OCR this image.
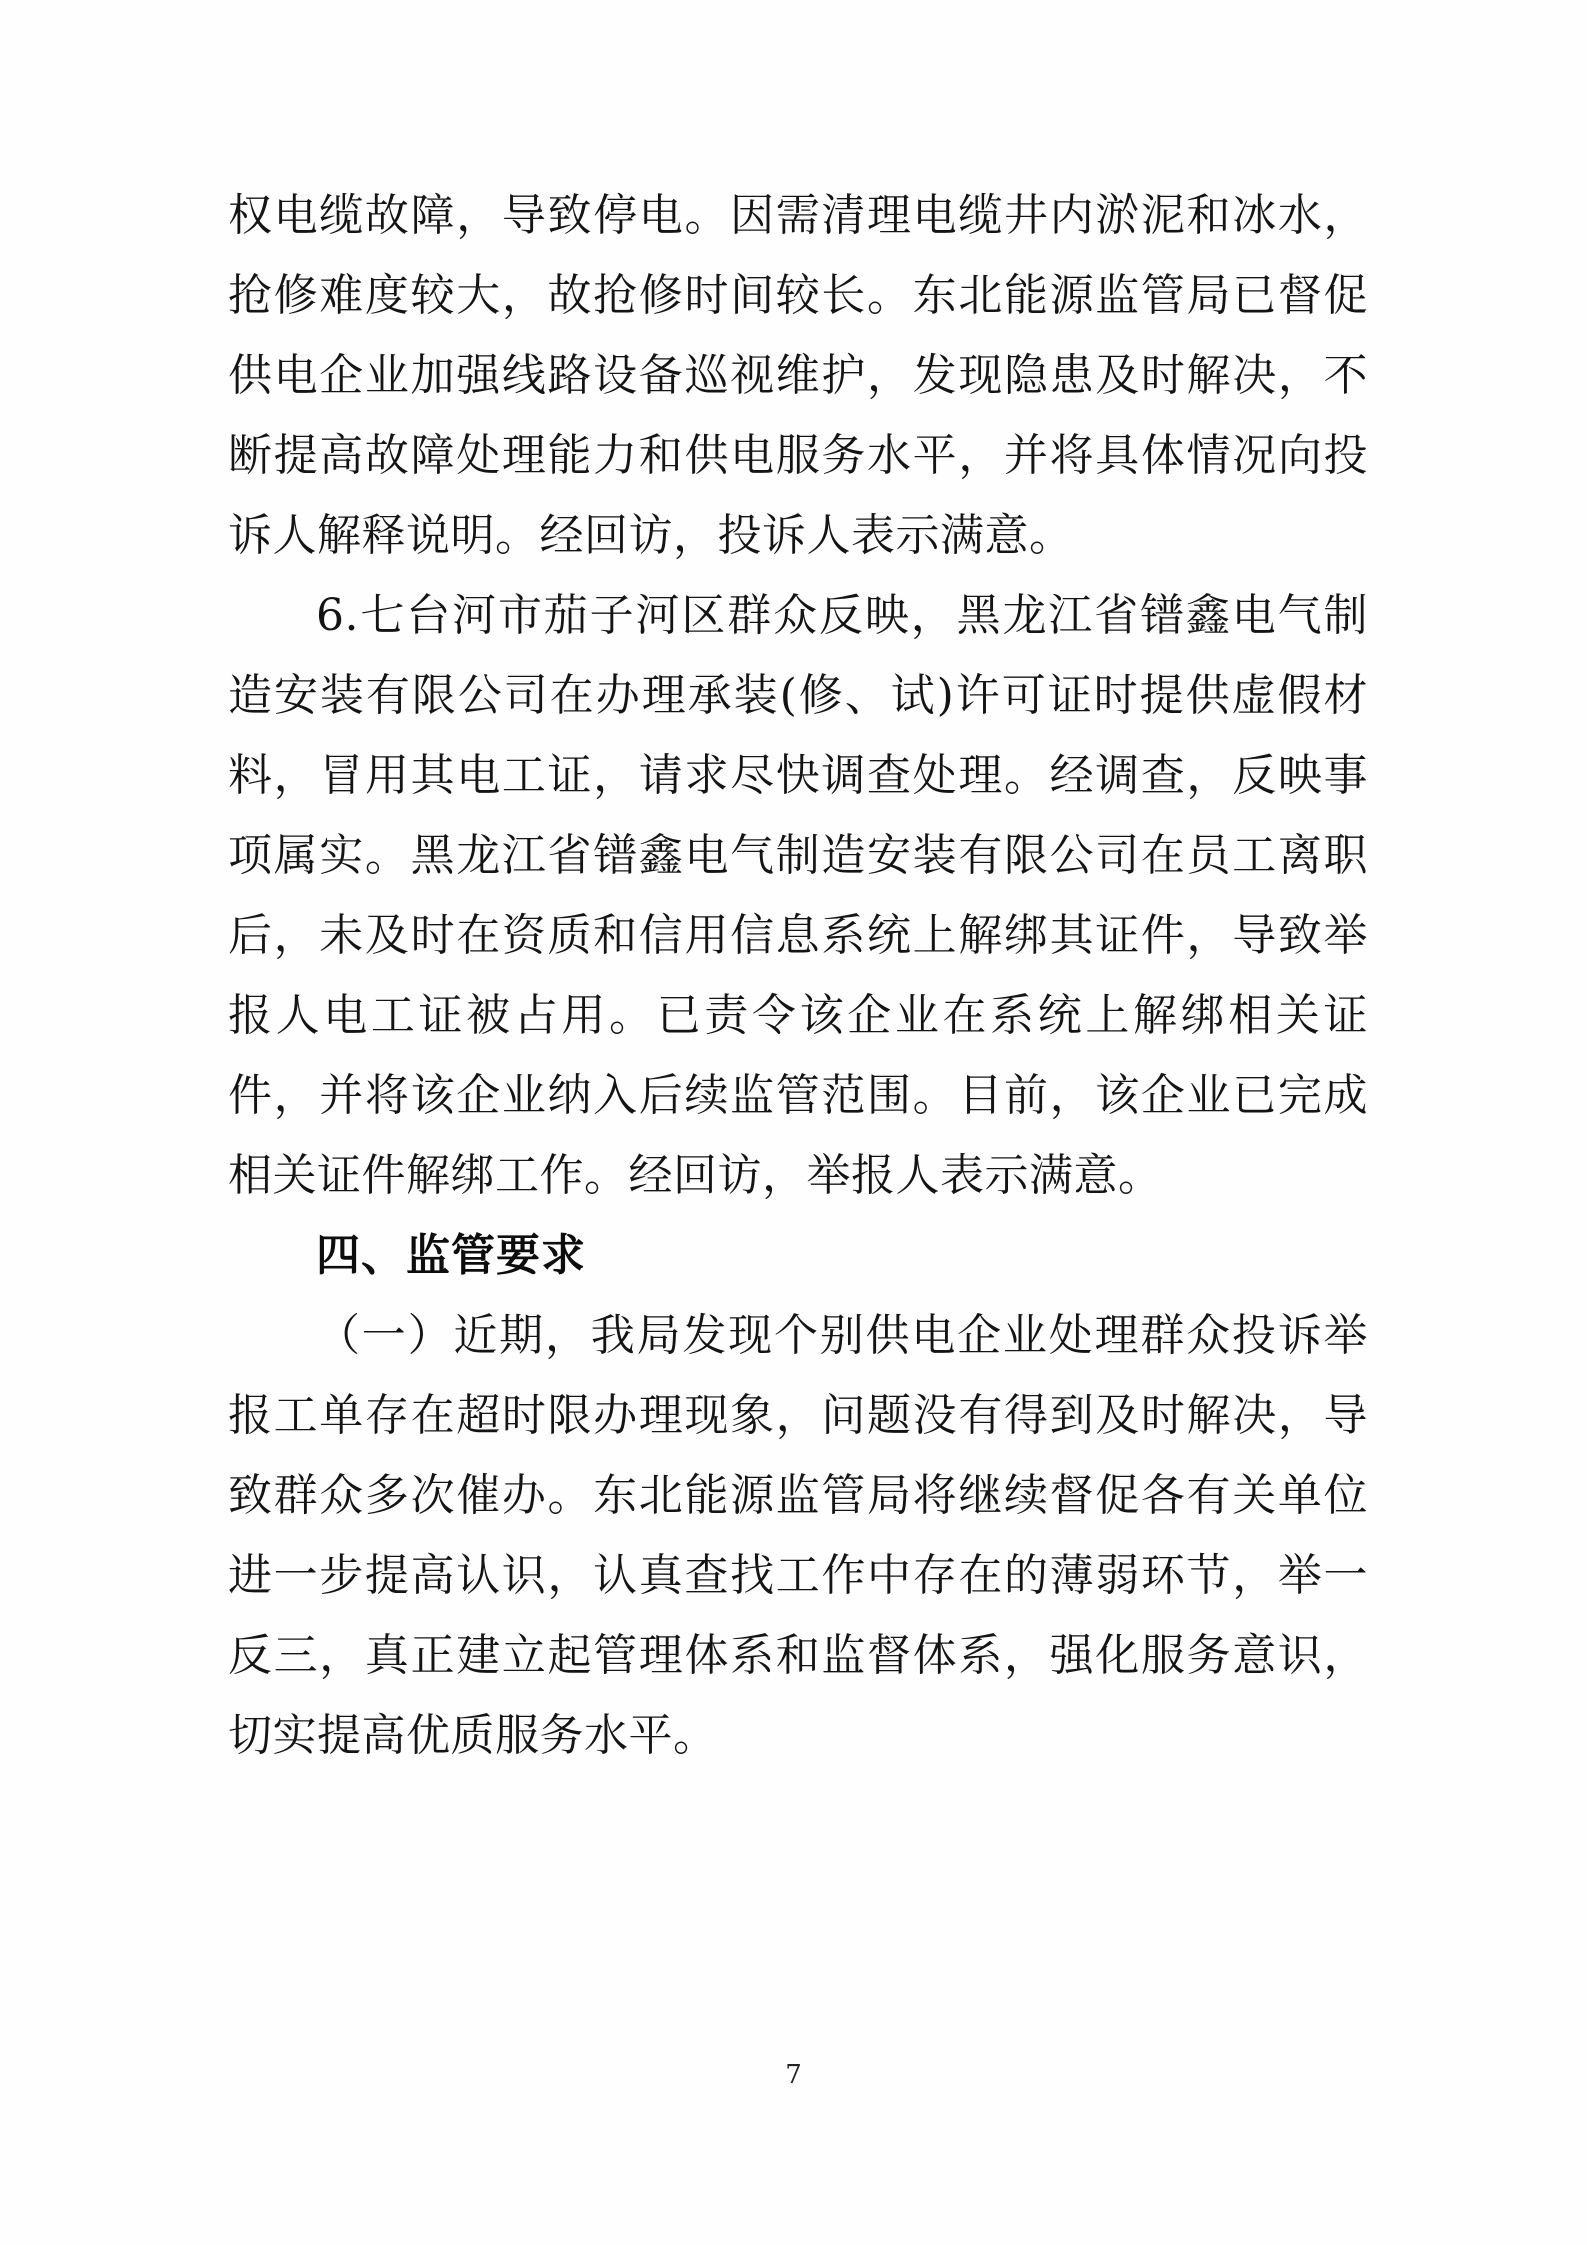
权电缆故障，导致停电。因需清理电缆井内淤泥和冰水，抢修难度较大，故抢修时间较长。东北能源监管局已督促供电企业加强线路设备巡视维护，发现隐患及时解决，不断提高故障处理能力和供电服务水平，并将具体情况向投诉人解释说明。经回访，投诉人表示满意。

6.七台河市茄子河区群众反映，黑龙江省镨鑫电气制造安装有限公司在办理承装(修、试)许可证时提供虚假材料，冒用其电工证，请求尽快调查处理。经调查，反映事项属实。黑龙江省镨鑫电气制造安装有限公司在员工离职后，未及时在资质和信用信息系统上解绑其证件，导致举报人电工证被占用。已责令该企业在系统上解绑相关证件，并将该企业纳入后续监管范围。目前，该企业已完成相关证件解绑工作。经回访，举报人表示满意。

四、监管要求

（一）近期，我局发现个别供电企业处理群众投诉举报工单存在超时限办理现象，问题没有得到及时解决，导致群众多次催办。东北能源监管局将继续督促各有关单位进一步提高认识，认真查找工作中存在的薄弱环节，举一反三，真正建立起管理体系和监督体系，强化服务意识，切实提高优质服务水平。

7
